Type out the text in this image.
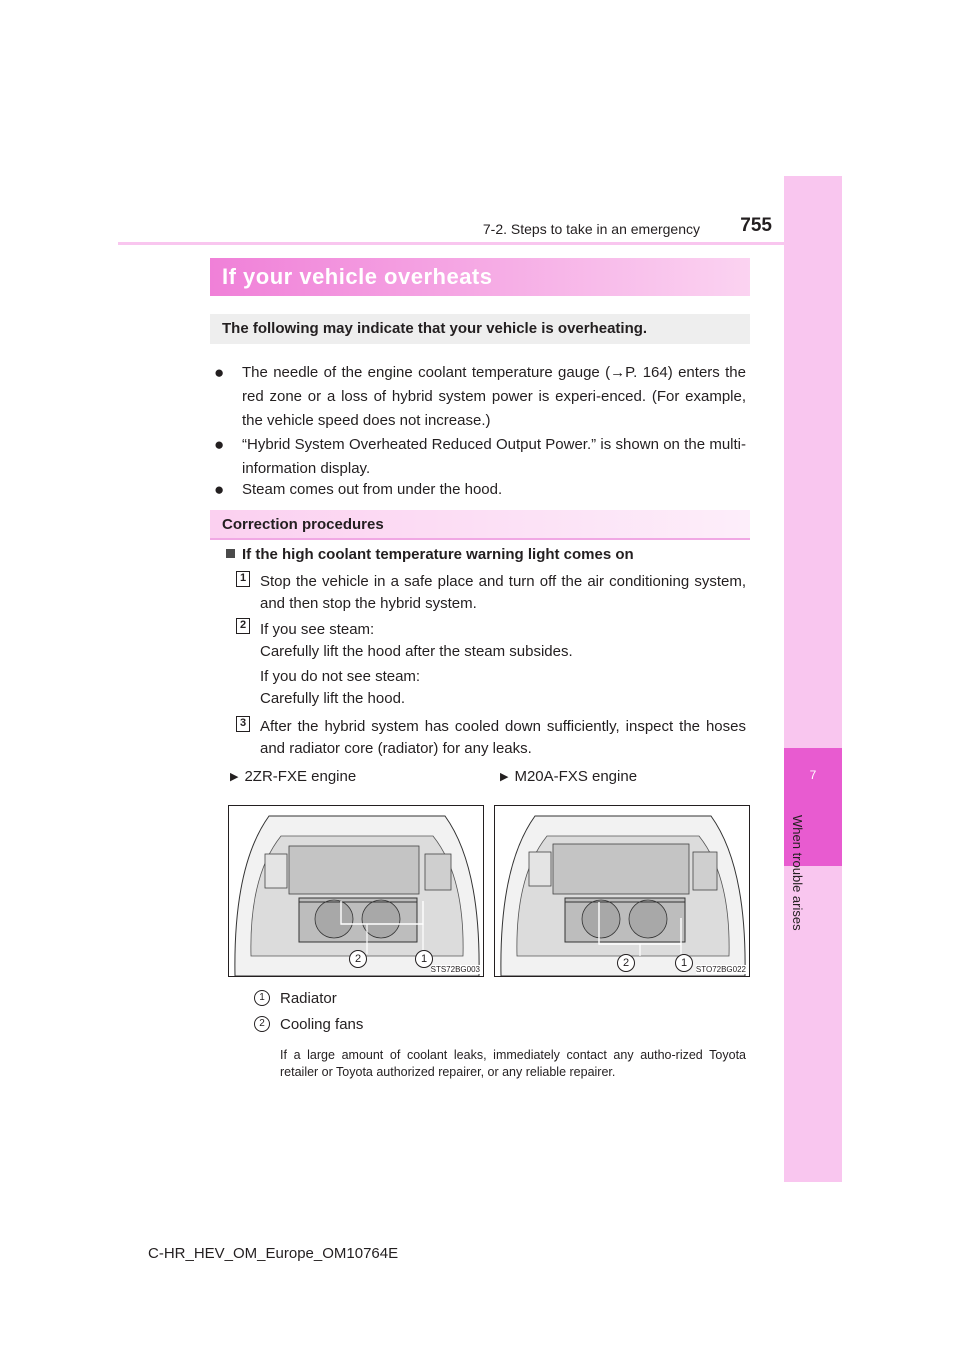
7
When trouble arises
7-2. Steps to take in an emergency	755
If your vehicle overheats
The following may indicate that your vehicle is overheating.
● The needle of the engine coolant temperature gauge (→P. 164) enters the red zone or a loss of hybrid system power is experi-enced. (For example, the vehicle speed does not increase.)
● “Hybrid System Overheated Reduced Output Power.” is shown on the multi-information display.
● Steam comes out from under the hood.
Correction procedures
If the high coolant temperature warning light comes on
1 Stop the vehicle in a safe place and turn off the air conditioning system, and then stop the hybrid system.
2 If you see steam:
Carefully lift the hood after the steam subsides.
If you do not see steam:
Carefully lift the hood.
3 After the hybrid system has cooled down sufficiently, inspect the hoses and radiator core (radiator) for any leaks.
▶ 2ZR-FXE engine	▶ M20A-FXS engine
2	1
STS72BG003
2	1
STO72BG022
1	Radiator
2	Cooling fans
If a large amount of coolant leaks, immediately contact any autho-rized Toyota retailer or Toyota authorized repairer, or any reliable repairer.
C-HR_HEV_OM_Europe_OM10764E
